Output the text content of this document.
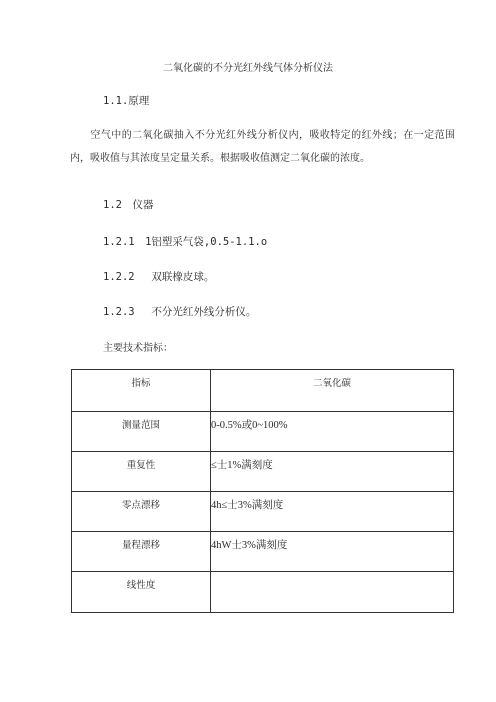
二氧化碳的不分光红外线气体分析仪法
1.1.原理
空气中的二氧化碳抽入不分光红外线分析仪内，吸收特定的红外线；在一定范围内，吸收值与其浓度呈定量关系。根据吸收值测定二氧化碳的浓度。
1.2　仪器
1.2.1　1铝塑采气袋,0.5-1.1.o
1.2.2　 双联橡皮球。
1.2.3　 不分光红外线分析仪。
主要技术指标：
指标	二氧化碳
测量范围	0-0.5%或0~100%
重复性	≤士1%满刻度
零点漂移	4h≤士3%满刻度
量程漂移	4hW士3%满刻度
线性度	
